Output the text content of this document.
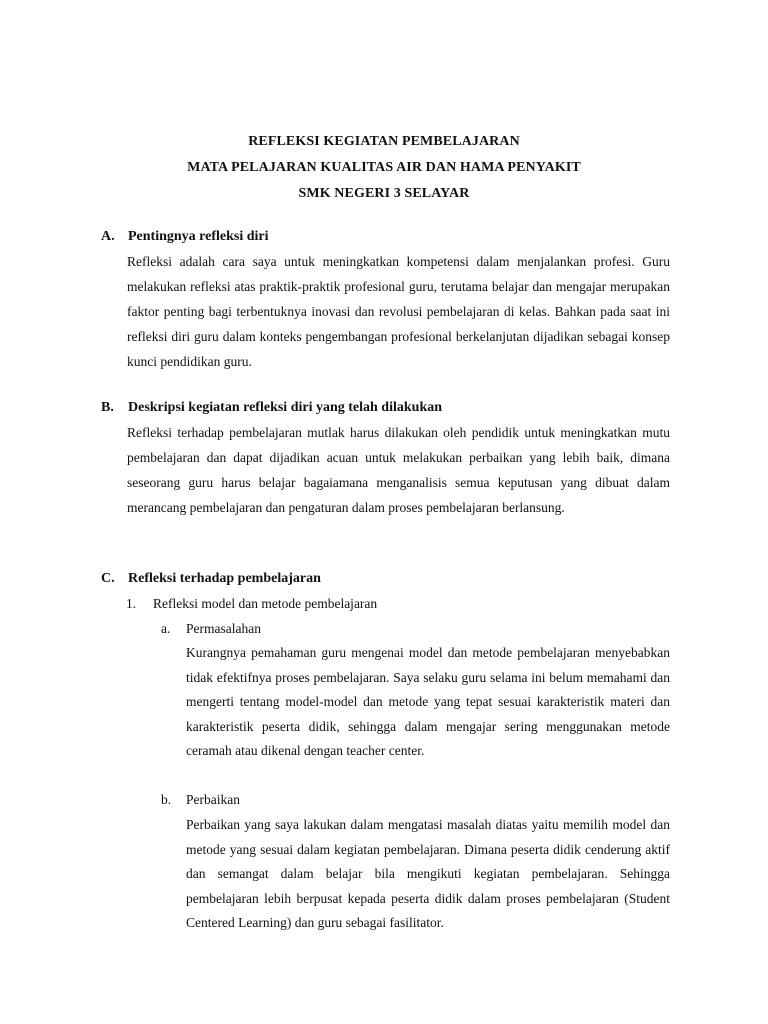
REFLEKSI KEGIATAN PEMBELAJARAN
MATA PELAJARAN KUALITAS AIR DAN HAMA PENYAKIT
SMK NEGERI 3 SELAYAR
A. Pentingnya refleksi diri
Refleksi adalah cara saya untuk meningkatkan kompetensi dalam menjalankan profesi. Guru melakukan refleksi atas praktik-praktik profesional guru, terutama belajar dan mengajar merupakan faktor penting bagi terbentuknya inovasi dan revolusi pembelajaran di kelas. Bahkan pada saat ini refleksi diri guru dalam konteks pengembangan profesional berkelanjutan dijadikan sebagai konsep kunci pendidikan guru.
B. Deskripsi kegiatan refleksi diri yang telah dilakukan
Refleksi terhadap pembelajaran mutlak harus dilakukan oleh pendidik untuk meningkatkan mutu pembelajaran dan dapat dijadikan acuan untuk melakukan perbaikan yang lebih baik, dimana seseorang guru harus belajar bagaiamana menganalisis semua keputusan yang dibuat dalam merancang pembelajaran dan pengaturan dalam proses pembelajaran berlansung.
C. Refleksi terhadap pembelajaran
1. Refleksi model dan metode pembelajaran
a. Permasalahan
Kurangnya pemahaman guru mengenai model dan metode pembelajaran menyebabkan tidak efektifnya proses pembelajaran. Saya selaku guru selama ini belum memahami dan mengerti tentang model-model dan metode yang tepat sesuai karakteristik materi dan karakteristik peserta didik, sehingga dalam mengajar sering menggunakan metode ceramah atau dikenal dengan teacher center.
b. Perbaikan
Perbaikan yang saya lakukan dalam mengatasi masalah diatas yaitu memilih model dan metode yang sesuai dalam kegiatan pembelajaran. Dimana peserta didik cenderung aktif dan semangat dalam belajar bila mengikuti kegiatan pembelajaran. Sehingga pembelajaran lebih berpusat kepada peserta didik dalam proses pembelajaran (Student Centered Learning) dan guru sebagai fasilitator.
